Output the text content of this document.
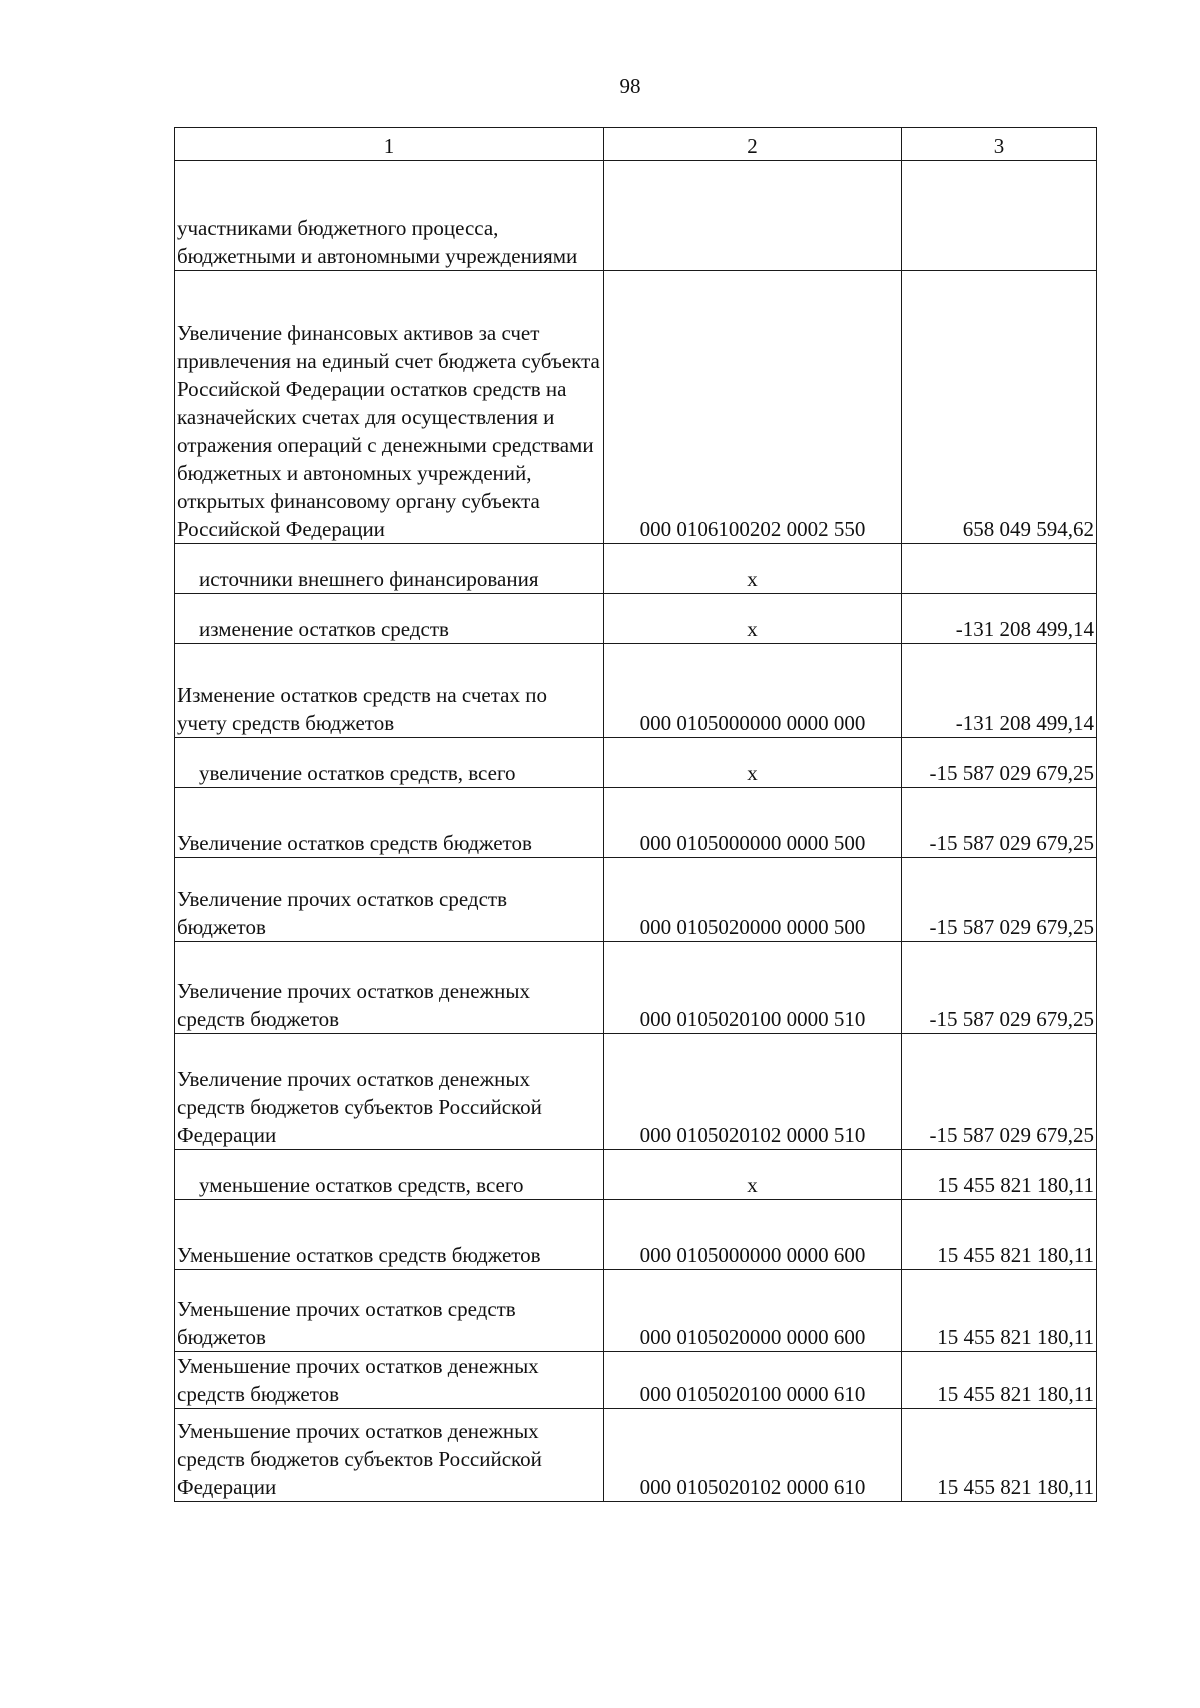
98
1	2	3
участниками бюджетного процесса, бюджетными и автономными учреждениями		
Увеличение финансовых активов за счет привлечения на единый счет бюджета субъекта Российской Федерации остатков средств на казначейских счетах для осуществления и отражения операций с денежными средствами бюджетных и автономных учреждений, открытых финансовому органу субъекта Российской Федерации	000 0106100202 0002 550	658 049 594,62
источники внешнего финансирования	x	
изменение остатков средств	x	-131 208 499,14
Изменение остатков средств на счетах по учету средств бюджетов	000 0105000000 0000 000	-131 208 499,14
увеличение остатков средств, всего	x	-15 587 029 679,25
Увеличение остатков средств бюджетов	000 0105000000 0000 500	-15 587 029 679,25
Увеличение прочих остатков средств бюджетов	000 0105020000 0000 500	-15 587 029 679,25
Увеличение прочих остатков денежных средств бюджетов	000 0105020100 0000 510	-15 587 029 679,25
Увеличение прочих остатков денежных средств бюджетов субъектов Российской Федерации	000 0105020102 0000 510	-15 587 029 679,25
уменьшение остатков средств, всего	x	15 455 821 180,11
Уменьшение остатков средств бюджетов	000 0105000000 0000 600	15 455 821 180,11
Уменьшение прочих остатков средств бюджетов	000 0105020000 0000 600	15 455 821 180,11
Уменьшение прочих остатков денежных средств бюджетов	000 0105020100 0000 610	15 455 821 180,11
Уменьшение прочих остатков денежных средств бюджетов субъектов Российской Федерации	000 0105020102 0000 610	15 455 821 180,11
